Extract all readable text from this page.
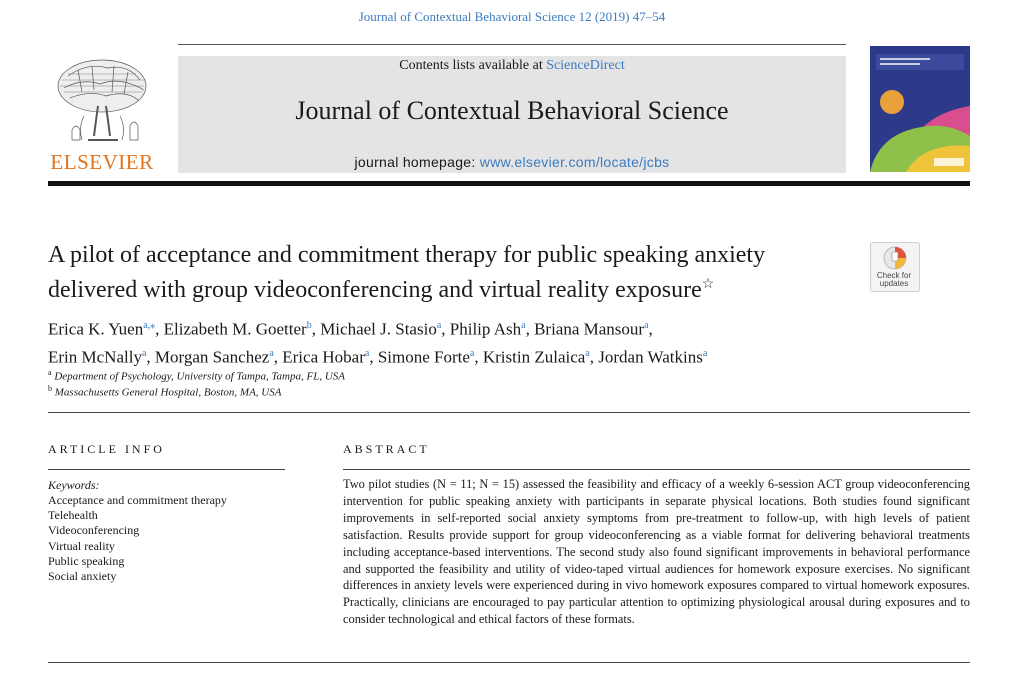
Journal of Contextual Behavioral Science 12 (2019) 47–54
ELSEVIER
Contents lists available at ScienceDirect
Journal of Contextual Behavioral Science
journal homepage: www.elsevier.com/locate/jcbs
A pilot of acceptance and commitment therapy for public speaking anxiety
delivered with group videoconferencing and virtual reality exposure☆
Check for updates
Erica K. Yuen$^{a,⁎}$, Elizabeth M. Goetter$^b$, Michael J. Stasio$^a$, Philip Ash$^a$, Briana Mansour$^a$,
Erin McNally$^a$, Morgan Sanchez$^a$, Erica Hobar$^a$, Simone Forte$^a$, Kristin Zulaica$^a$, Jordan Watkins$^a$
$^a$ Department of Psychology, University of Tampa, Tampa, FL, USA
$^b$ Massachusetts General Hospital, Boston, MA, USA
ARTICLE INFO
Keywords:
Acceptance and commitment therapy
Telehealth
Videoconferencing
Virtual reality
Public speaking
Social anxiety
ABSTRACT
Two pilot studies (N = 11; N = 15) assessed the feasibility and efficacy of a weekly 6-session ACT group videoconferencing intervention for public speaking anxiety with participants in separate physical locations. Both studies found significant improvements in self-reported social anxiety symptoms from pre-treatment to follow-up, with high levels of patient satisfaction. Results provide support for group videoconferencing as a viable format for delivering behavioral treatments including acceptance-based interventions. The second study also found significant improvements in behavioral performance and supported the feasibility and utility of video-taped virtual audiences for homework exposure exercises. No significant differences in anxiety levels were experienced during in vivo homework exposures compared to virtual homework exposures. Practically, clinicians are encouraged to pay particular attention to optimizing physiological arousal during exposures and to consider technological and ethical factors of these formats.
